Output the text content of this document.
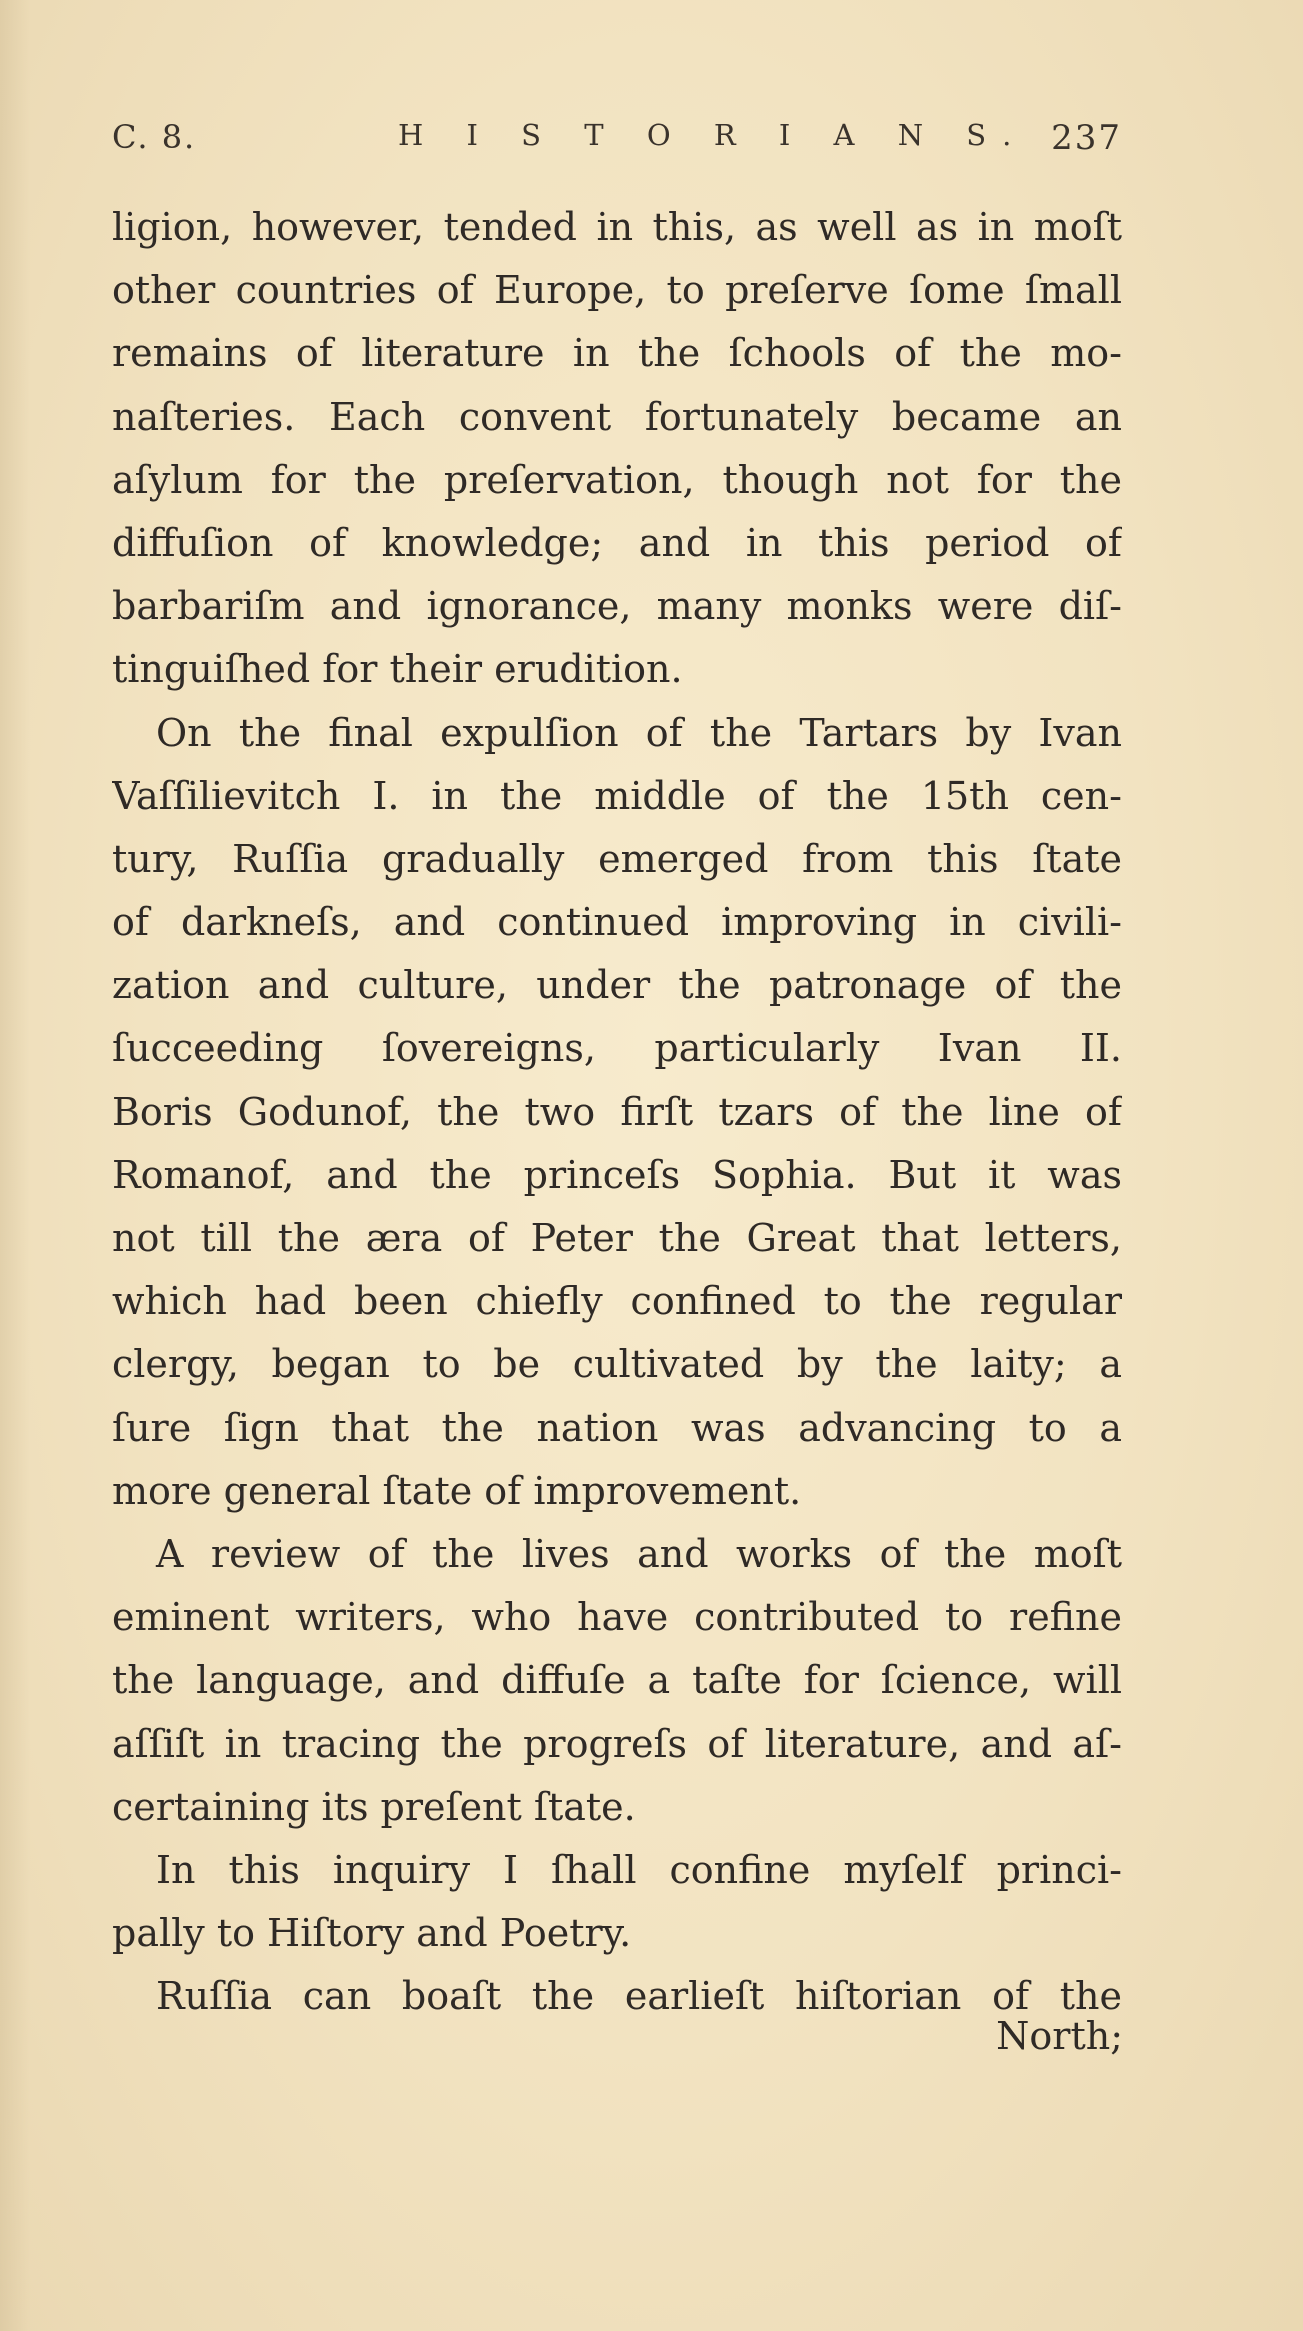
C. 8.	H I S T O R I A N S. 237
ligion, however, tended in this, as well as in moſt
other countries of Europe, to preſerve ſome ſmall
remains of literature in the ſchools of the mo-
naſteries. Each convent fortunately became an
aſylum for the preſervation, though not for the
diffuſion of knowledge; and in this period of
barbariſm and ignorance, many monks were diſ-
tinguiſhed for their erudition.
On the final expulſion of the Tartars by Ivan
Vaſſilievitch I. in the middle of the 15th cen-
tury, Ruſſia gradually emerged from this ſtate
of darkneſs, and continued improving in civili-
zation and culture, under the patronage of the
ſucceeding ſovereigns, particularly Ivan II.
Boris Godunof, the two firſt tzars of the line of
Romanof, and the princeſs Sophia. But it was
not till the æra of Peter the Great that letters,
which had been chiefly confined to the regular
clergy, began to be cultivated by the laity; a
ſure ſign that the nation was advancing to a
more general ſtate of improvement.
A review of the lives and works of the moſt
eminent writers, who have contributed to refine
the language, and diffuſe a taſte for ſcience, will
aſſiſt in tracing the progreſs of literature, and aſ-
certaining its preſent ſtate.
In this inquiry I ſhall confine myſelf princi-
pally to Hiſtory and Poetry.
Ruſſia can boaſt the earlieſt hiſtorian of the
North;
